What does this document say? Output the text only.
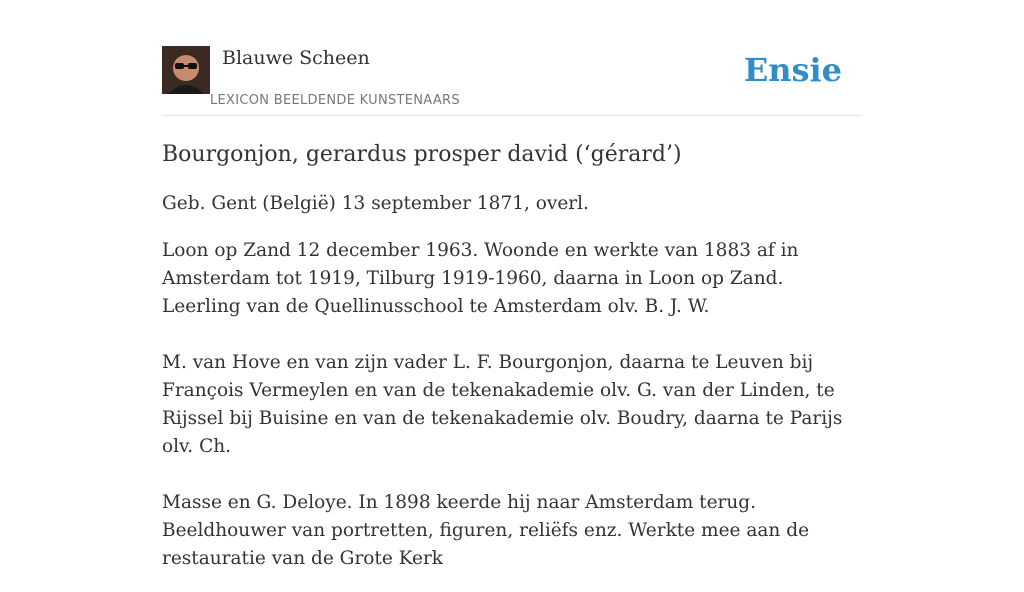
Blauwe Scheen
LEXICON BEELDENDE KUNSTENAARS
Ensie
Bourgonjon, gerardus prosper david (‘gérard’)

Geb. Gent (België) 13 september 1871, overl.

Loon op Zand 12 december 1963. Woonde en werkte van 1883 af in Amsterdam tot 1919, Tilburg 1919-1960, daarna in Loon op Zand. Leerling van de Quellinusschool te Amsterdam olv. B. J. W.

M. van Hove en van zijn vader L. F. Bourgonjon, daarna te Leuven bij François Vermeylen en van de tekenakademie olv. G. van der Linden, te Rijssel bij Buisine en van de tekenakademie olv. Boudry, daarna te Parijs olv. Ch.

Masse en G. Deloye. In 1898 keerde hij naar Amsterdam terug. Beeldhouwer van portretten, figuren, reliëfs enz. Werkte mee aan de restauratie van de Grote Kerk
